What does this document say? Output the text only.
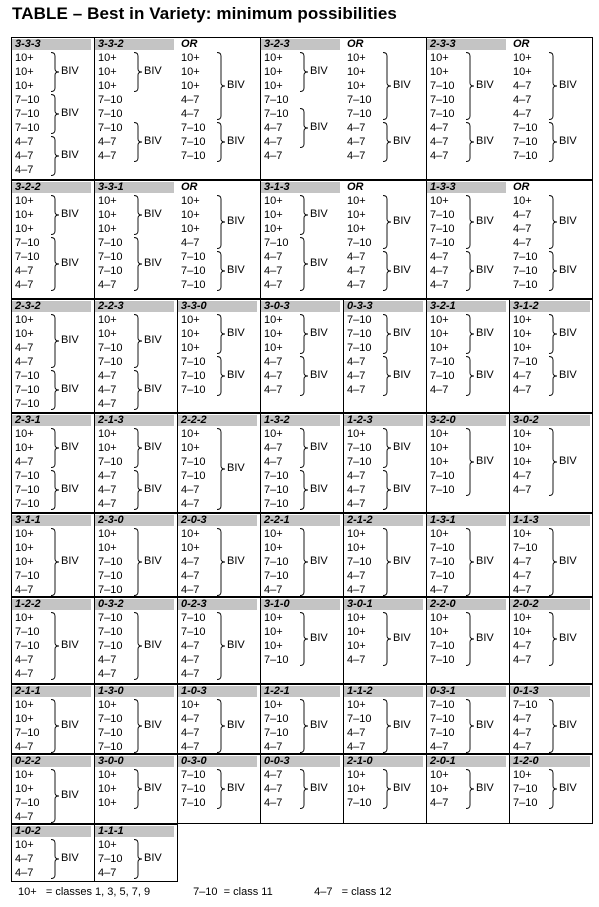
TABLE – Best in Variety: minimum possibilities
3-3-3
10+
10+
10+
7–10
7–10
7–10
4–7
4–7
4–7
BIV
BIV
BIV
3-3-2
10+
10+
10+
7–10
7–10
7–10
4–7
4–7
BIV
BIV
OR
10+
10+
10+
4–7
4–7
7–10
7–10
7–10
BIV
BIV
3-2-3
10+
10+
10+
7–10
7–10
4–7
4–7
4–7
BIV
BIV
OR
10+
10+
10+
7–10
7–10
4–7
4–7
4–7
BIV
BIV
2-3-3
10+
10+
7–10
7–10
7–10
4–7
4–7
4–7
BIV
BIV
OR
10+
10+
4–7
4–7
4–7
7–10
7–10
7–10
BIV
BIV
3-2-2
10+
10+
10+
7–10
7–10
4–7
4–7
BIV
BIV
3-3-1
10+
10+
10+
7–10
7–10
7–10
4–7
BIV
BIV
OR
10+
10+
10+
4–7
7–10
7–10
7–10
BIV
BIV
3-1-3
10+
10+
10+
7–10
4–7
4–7
4–7
BIV
BIV
OR
10+
10+
10+
7–10
4–7
4–7
4–7
BIV
BIV
1-3-3
10+
7–10
7–10
7–10
4–7
4–7
4–7
BIV
BIV
OR
10+
4–7
4–7
4–7
7–10
7–10
7–10
BIV
BIV
2-3-2
10+
10+
4–7
4–7
7–10
7–10
7–10
BIV
BIV
2-2-3
10+
10+
7–10
7–10
4–7
4–7
4–7
BIV
BIV
3-3-0
10+
10+
10+
7–10
7–10
7–10
BIV
BIV
3-0-3
10+
10+
10+
4–7
4–7
4–7
BIV
BIV
0-3-3
7–10
7–10
7–10
4–7
4–7
4–7
BIV
BIV
3-2-1
10+
10+
10+
7–10
7–10
4–7
BIV
BIV
3-1-2
10+
10+
10+
7–10
4–7
4–7
BIV
BIV
2-3-1
10+
10+
4–7
7–10
7–10
7–10
BIV
BIV
2-1-3
10+
10+
7–10
4–7
4–7
4–7
BIV
BIV
2-2-2
10+
10+
7–10
7–10
4–7
4–7
BIV
1-3-2
10+
4–7
4–7
7–10
7–10
7–10
BIV
BIV
1-2-3
10+
7–10
7–10
4–7
4–7
4–7
BIV
BIV
3-2-0
10+
10+
10+
7–10
7–10
BIV
3-0-2
10+
10+
10+
4–7
4–7
BIV
3-1-1
10+
10+
10+
7–10
4–7
BIV
2-3-0
10+
10+
7–10
7–10
7–10
BIV
2-0-3
10+
10+
4–7
4–7
4–7
BIV
2-2-1
10+
10+
7–10
7–10
4–7
BIV
2-1-2
10+
10+
7–10
4–7
4–7
BIV
1-3-1
10+
7–10
7–10
7–10
4–7
BIV
1-1-3
10+
7–10
4–7
4–7
4–7
BIV
1-2-2
10+
7–10
7–10
4–7
4–7
BIV
0-3-2
7–10
7–10
7–10
4–7
4–7
BIV
0-2-3
7–10
7–10
4–7
4–7
4–7
BIV
3-1-0
10+
10+
10+
7–10
BIV
3-0-1
10+
10+
10+
4–7
BIV
2-2-0
10+
10+
7–10
7–10
BIV
2-0-2
10+
10+
4–7
4–7
BIV
2-1-1
10+
10+
7–10
4–7
BIV
1-3-0
10+
7–10
7–10
7–10
BIV
1-0-3
10+
4–7
4–7
4–7
BIV
1-2-1
10+
7–10
7–10
4–7
BIV
1-1-2
10+
7–10
4–7
4–7
BIV
0-3-1
7–10
7–10
7–10
4–7
BIV
0-1-3
7–10
4–7
4–7
4–7
BIV
0-2-2
10+
10+
7–10
4–7
BIV
3-0-0
10+
10+
10+
BIV
0-3-0
7–10
7–10
7–10
BIV
0-0-3
4–7
4–7
4–7
BIV
2-1-0
10+
10+
7–10
BIV
2-0-1
10+
10+
4–7
BIV
1-2-0
10+
7–10
7–10
BIV
1-0-2
10+
4–7
4–7
BIV
1-1-1
10+
7–10
4–7
BIV
10+ = classes 1, 3, 5, 7, 9	7–10 = class 11	4–7 = class 12
